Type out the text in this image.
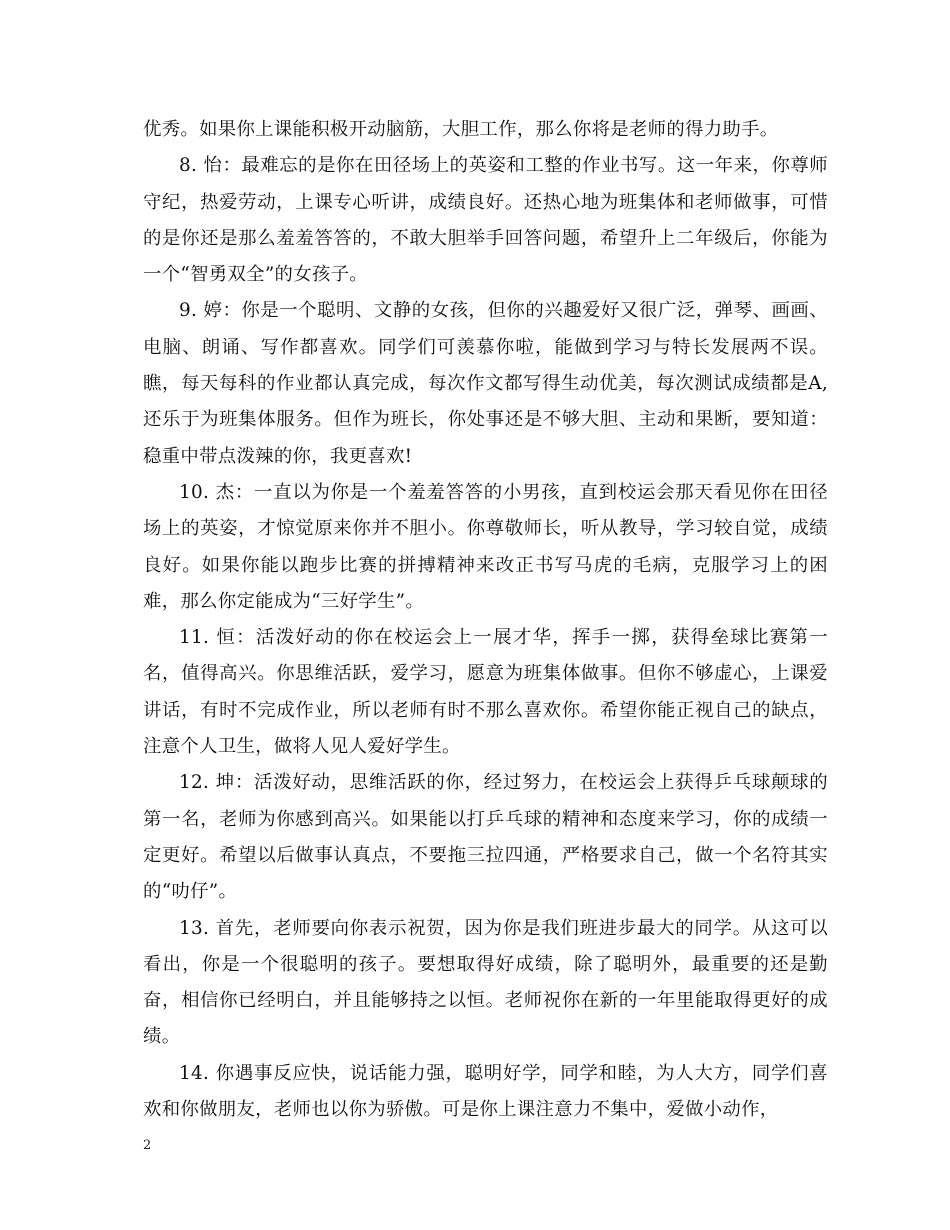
优秀。如果你上课能积极开动脑筋，大胆工作，那么你将是老师的得力助手。

8. 怡：最难忘的是你在田径场上的英姿和工整的作业书写。这一年来，你尊师守纪，热爱劳动，上课专心听讲，成绩良好。还热心地为班集体和老师做事，可惜的是你还是那么羞羞答答的，不敢大胆举手回答问题，希望升上二年级后，你能为一个“智勇双全”的女孩子。

9. 婷：你是一个聪明、文静的女孩，但你的兴趣爱好又很广泛，弹琴、画画、电脑、朗诵、写作都喜欢。同学们可羡慕你啦，能做到学习与特长发展两不误。瞧，每天每科的作业都认真完成，每次作文都写得生动优美，每次测试成绩都是A,还乐于为班集体服务。但作为班长，你处事还是不够大胆、主动和果断，要知道：稳重中带点泼辣的你，我更喜欢!

10. 杰：一直以为你是一个羞羞答答的小男孩，直到校运会那天看见你在田径场上的英姿，才惊觉原来你并不胆小。你尊敬师长，听从教导，学习较自觉，成绩良好。如果你能以跑步比赛的拼搏精神来改正书写马虎的毛病，克服学习上的困难，那么你定能成为“三好学生”。

11. 恒：活泼好动的你在校运会上一展才华，挥手一掷，获得垒球比赛第一名，值得高兴。你思维活跃，爱学习，愿意为班集体做事。但你不够虚心，上课爱讲话，有时不完成作业，所以老师有时不那么喜欢你。希望你能正视自己的缺点，注意个人卫生，做将人见人爱好学生。

12. 坤：活泼好动，思维活跃的你，经过努力，在校运会上获得乒乓球颠球的第一名，老师为你感到高兴。如果能以打乒乓球的精神和态度来学习，你的成绩一定更好。希望以后做事认真点，不要拖三拉四通，严格要求自己，做一个名符其实的“叻仔”。

13. 首先，老师要向你表示祝贺，因为你是我们班进步最大的同学。从这可以看出，你是一个很聪明的孩子。要想取得好成绩，除了聪明外，最重要的还是勤奋，相信你已经明白，并且能够持之以恒。老师祝你在新的一年里能取得更好的成绩。

14. 你遇事反应快，说话能力强，聪明好学，同学和睦，为人大方，同学们喜欢和你做朋友，老师也以你为骄傲。可是你上课注意力不集中，爱做小动作，

2
